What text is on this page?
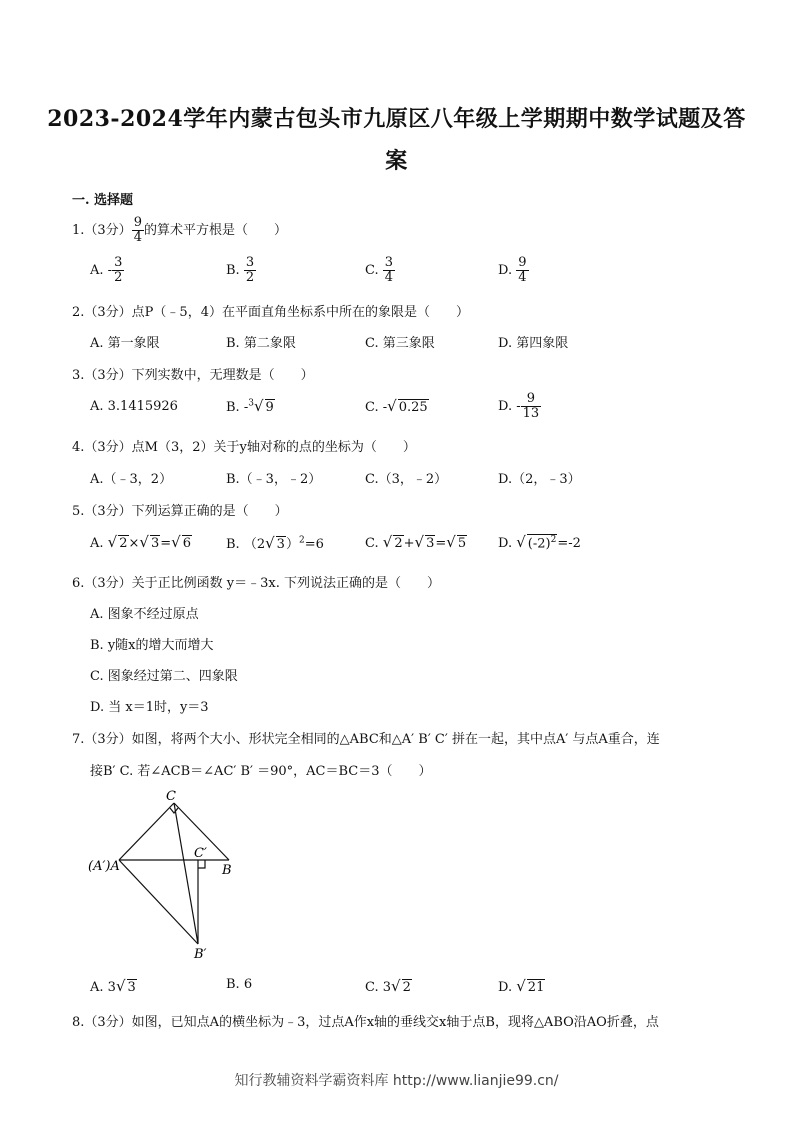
2023-2024学年内蒙古包头市九原区八年级上学期期中数学试题及答
案
一. 选择题
1.（3分） $\frac{9}{4}$ 的算术平方根是（　　）
A. - $\frac{3}{2}$	B. $\frac{3}{2}$	C. $\frac{3}{4}$	D. $\frac{9}{4}$
2.（3分）点P（﹣5，4）在平面直角坐标系中所在的象限是（　　）
A. 第一象限	B. 第二象限	C. 第三象限	D. 第四象限
3.（3分）下列实数中，无理数是（　　）
A. 3.1415926	B. -$^3$√ 9	C. -√ 0.25	D. - $\frac{9}{13}$
4.（3分）点M（3，2）关于y轴对称的点的坐标为（　　）
A.（﹣3，2）	B.（﹣3，﹣2）	C.（3，﹣2）	D.（2，﹣3）
5.（3分）下列运算正确的是（　　）
A. √ 2×√ 3=√ 6	B. （2√ 3）$^2$=6	C. √ 2+√ 3=√ 5 D. √ $(-2)^2=-2$
6.（3分）关于正比例函数 y＝﹣3x. 下列说法正确的是（　　）
A. 图象不经过原点
B. y随x的增大而增大
C. 图象经过第二、四象限
D. 当 x＝1时，y＝3
7.（3分）如图，将两个大小、形状完全相同的△ABC和△A′ B′ C′ 拼在一起，其中点A′ 与点A重合，连
接B′ C. 若∠ACB＝∠AC′ B′ ＝90°，AC＝BC＝3（　　）
C
(A′)A	B
C′
B′
A. 3√ 3	B. 6	C. 3√ 2	D. √ 21
8.（3分）如图，已知点A的横坐标为﹣3，过点A作x轴的垂线交x轴于点B，现将△ABO沿AO折叠，点
知行教辅资料学霸资料库 http://www.lianjie99.cn/
